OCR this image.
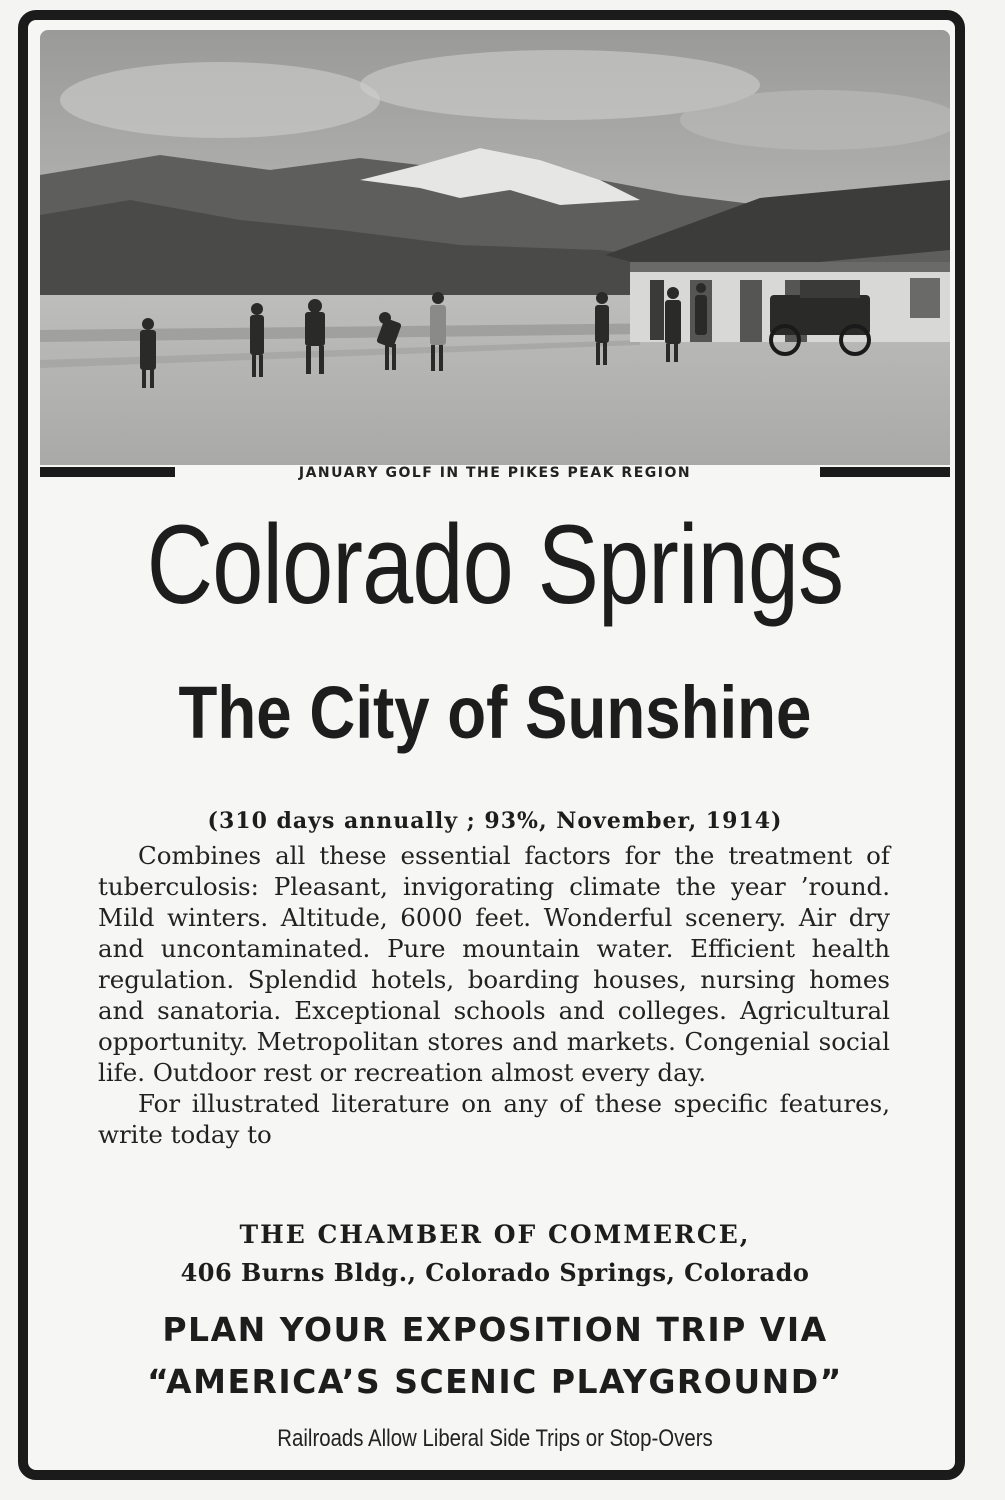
JANUARY GOLF IN THE PIKES PEAK REGION
Colorado Springs
The City of Sunshine
(310 days annually ; 93%, November, 1914)

Combines all these essential factors for the treatment of tuberculosis: Pleasant, invigorating climate the year ’round. Mild winters. Altitude, 6000 feet. Wonderful scenery. Air dry and uncontaminated. Pure mountain water. Efficient health regulation. Splendid hotels, boarding houses, nursing homes and sanatoria. Exceptional schools and colleges. Agricultural opportunity. Metropolitan stores and markets. Congenial social life. Outdoor rest or recreation almost every day.

For illustrated literature on any of these specific features, write today to

THE CHAMBER OF COMMERCE,
406 Burns Bldg., Colorado Springs, Colorado
PLAN YOUR EXPOSITION TRIP VIA
“AMERICA’S SCENIC PLAYGROUND”
Railroads Allow Liberal Side Trips or Stop-Overs
